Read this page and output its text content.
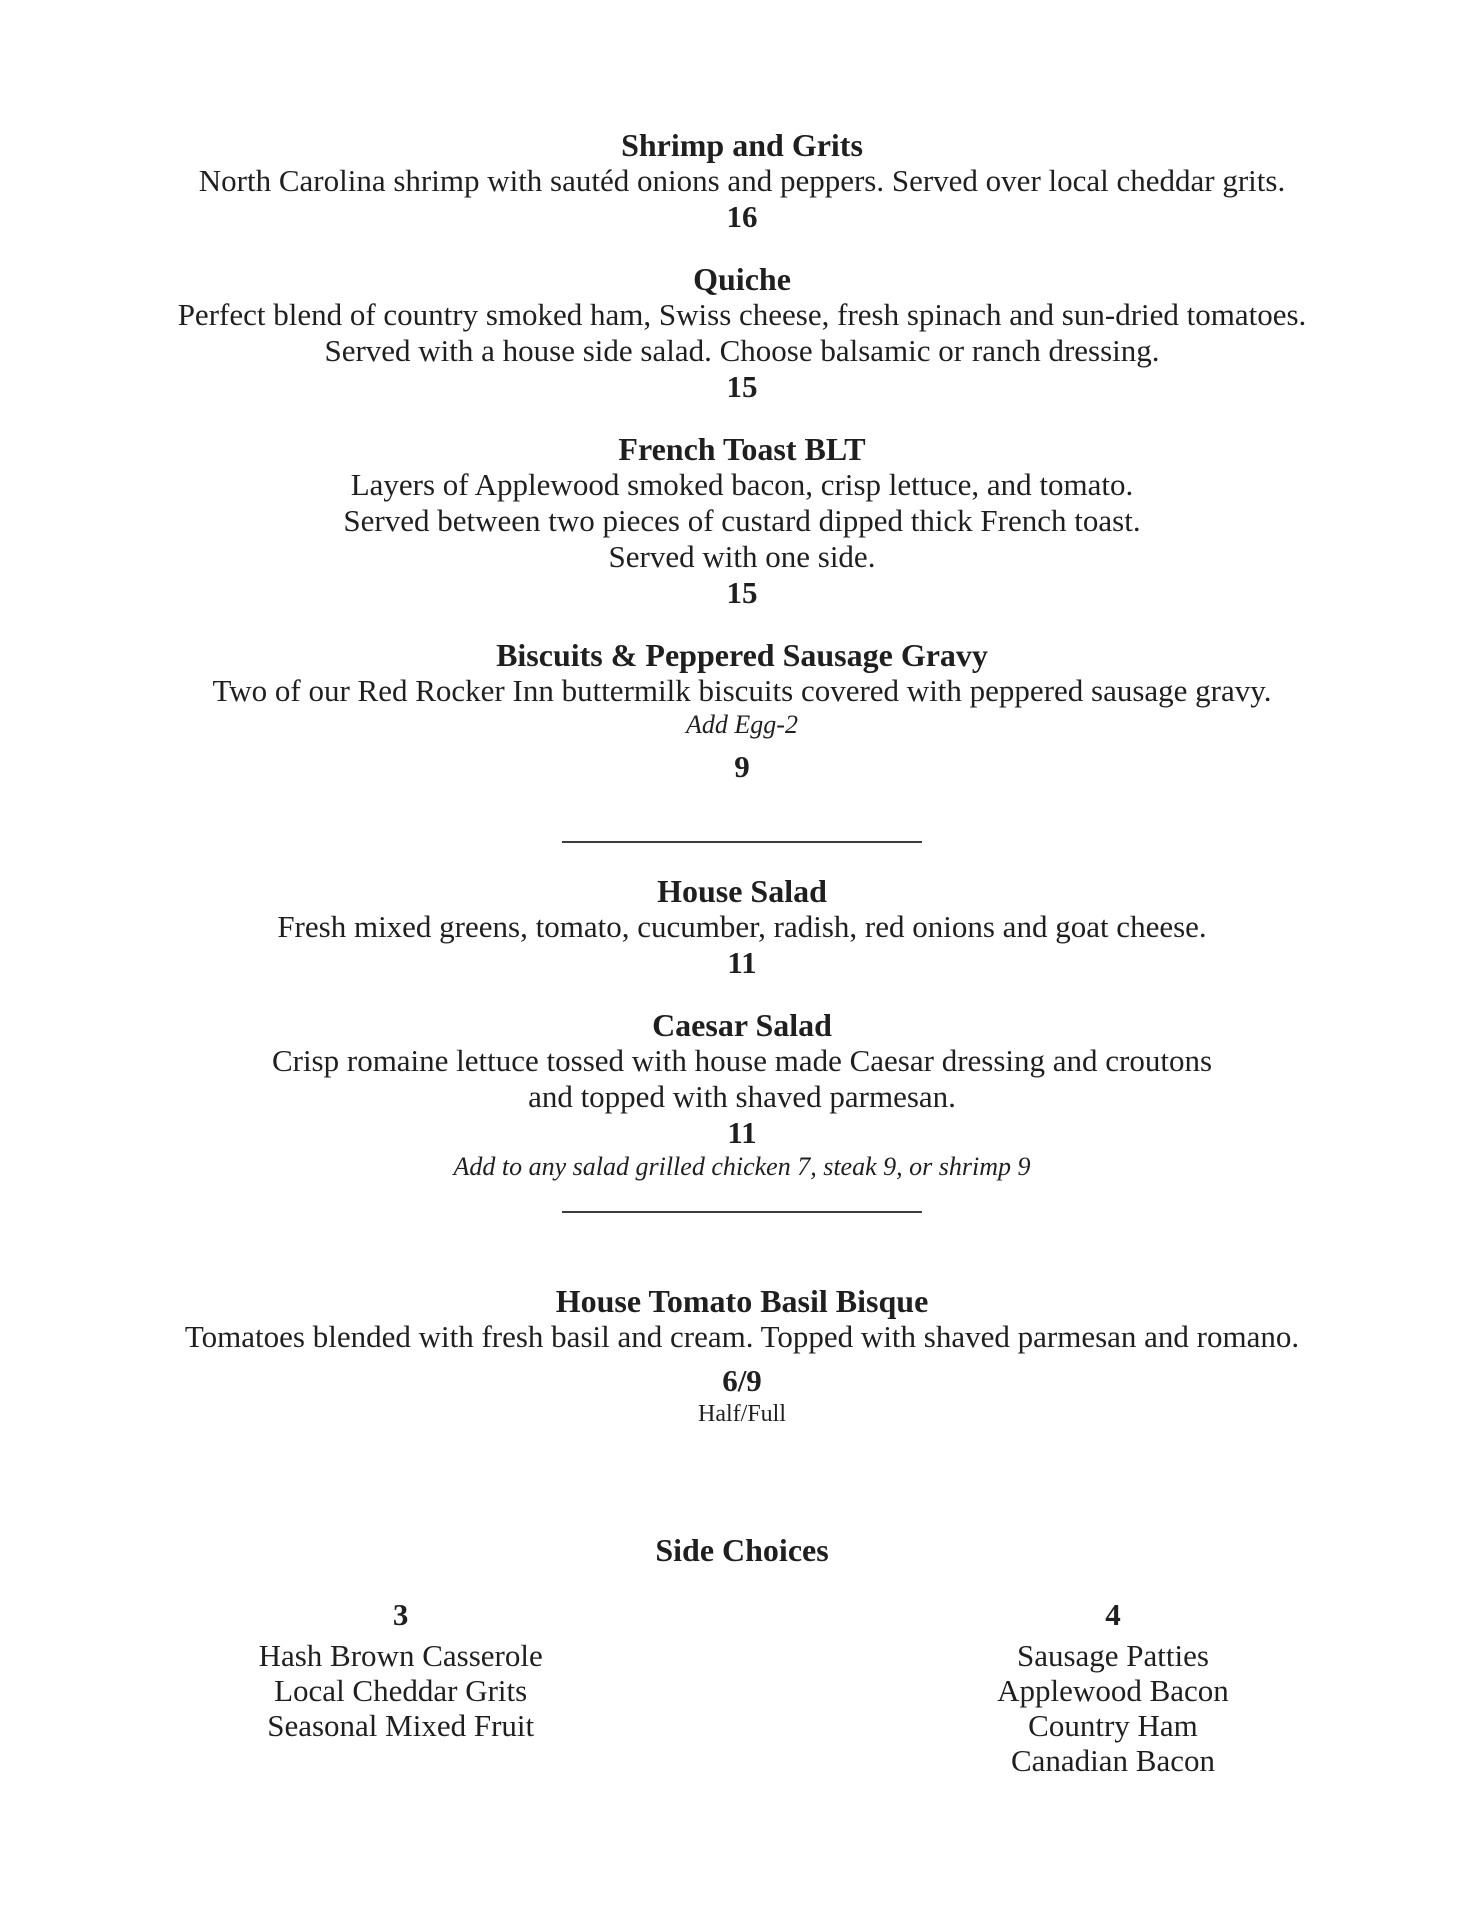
Shrimp and Grits

North Carolina shrimp with sautéd onions and peppers. Served over local cheddar grits.

16

Quiche

Perfect blend of country smoked ham, Swiss cheese, fresh spinach and sun-dried tomatoes.

Served with a house side salad. Choose balsamic or ranch dressing.

15

French Toast BLT

Layers of Applewood smoked bacon, crisp lettuce, and tomato.

Served between two pieces of custard dipped thick French toast.

Served with one side.

15

Biscuits & Peppered Sausage Gravy

Two of our Red Rocker Inn buttermilk biscuits covered with peppered sausage gravy.

Add Egg-2

9

House Salad

Fresh mixed greens, tomato, cucumber, radish, red onions and goat cheese.

11

Caesar Salad

Crisp romaine lettuce tossed with house made Caesar dressing and croutons

and topped with shaved parmesan.

11

Add to any salad grilled chicken 7, steak 9, or shrimp 9

House Tomato Basil Bisque

Tomatoes blended with fresh basil and cream. Topped with shaved parmesan and romano.

6/9

Half/Full

Side Choices

3

Hash Brown Casserole

Local Cheddar Grits

Seasonal Mixed Fruit

4

Sausage Patties

Applewood Bacon

Country Ham

Canadian Bacon
